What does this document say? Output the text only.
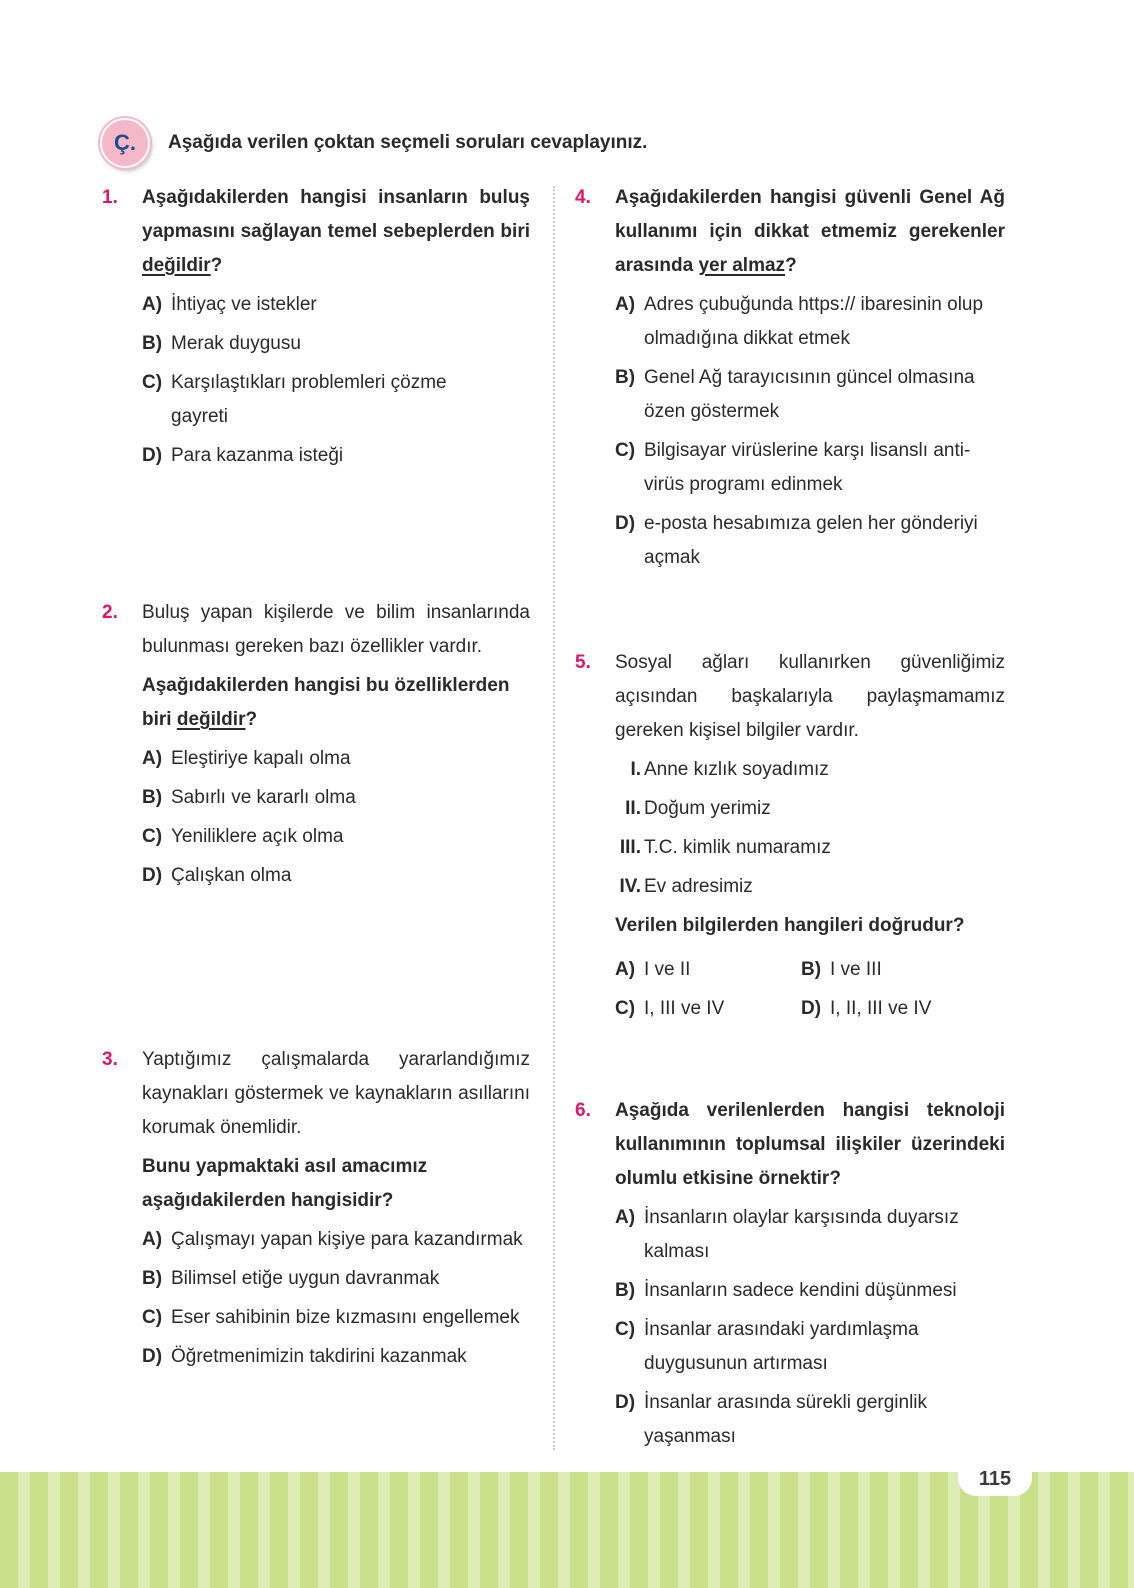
Ç.	Aşağıda verilen çoktan seçmeli soruları cevaplayınız.
1. Aşağıdakilerden hangisi insanların buluş yapmasını sağlayan temel sebeplerden biri değildir?

A) İhtiyaç ve istekler
B) Merak duygusu
C) Karşılaştıkları problemleri çözme gayreti
D) Para kazanma isteği
2. Buluş yapan kişilerde ve bilim insanlarında bulunması gereken bazı özellikler vardır.

Aşağıdakilerden hangisi bu özelliklerden biri değildir?
A) Eleştiriye kapalı olma
B) Sabırlı ve kararlı olma
C) Yeniliklere açık olma
D) Çalışkan olma
3. Yaptığımız çalışmalarda yararlandığımız kaynakları göstermek ve kaynakların asıllarını korumak önemlidir.

Bunu yapmaktaki asıl amacımız aşağıdakilerden hangisidir?
A) Çalışmayı yapan kişiye para kazandırmak
B) Bilimsel etiğe uygun davranmak
C) Eser sahibinin bize kızmasını engellemek
D) Öğretmenimizin takdirini kazanmak
4. Aşağıdakilerden hangisi güvenli Genel Ağ kullanımı için dikkat etmemiz gerekenler arasında yer almaz?

A) Adres çubuğunda https:// ibaresinin olup olmadığına dikkat etmek
B) Genel Ağ tarayıcısının güncel olmasına özen göstermek
C) Bilgisayar virüslerine karşı lisanslı anti-virüs programı edinmek
D) e-posta hesabımıza gelen her gönderiyi açmak
5. Sosyal ağları kullanırken güvenliğimiz açısından başkalarıyla paylaşmamamız gereken kişisel bilgiler vardır.

I. Anne kızlık soyadımız
II. Doğum yerimiz
III. T.C. kimlik numaramız
IV. Ev adresimiz
Verilen bilgilerden hangileri doğrudur?
A) I ve II	B) I ve III
C) I, III ve IV	D) I, II, III ve IV
6. Aşağıda verilenlerden hangisi teknoloji kullanımının toplumsal ilişkiler üzerindeki olumlu etkisine örnektir?

A) İnsanların olaylar karşısında duyarsız kalması
B) İnsanların sadece kendini düşünmesi
C) İnsanlar arasındaki yardımlaşma duygusunun artırması
D) İnsanlar arasında sürekli gerginlik yaşanması
115
